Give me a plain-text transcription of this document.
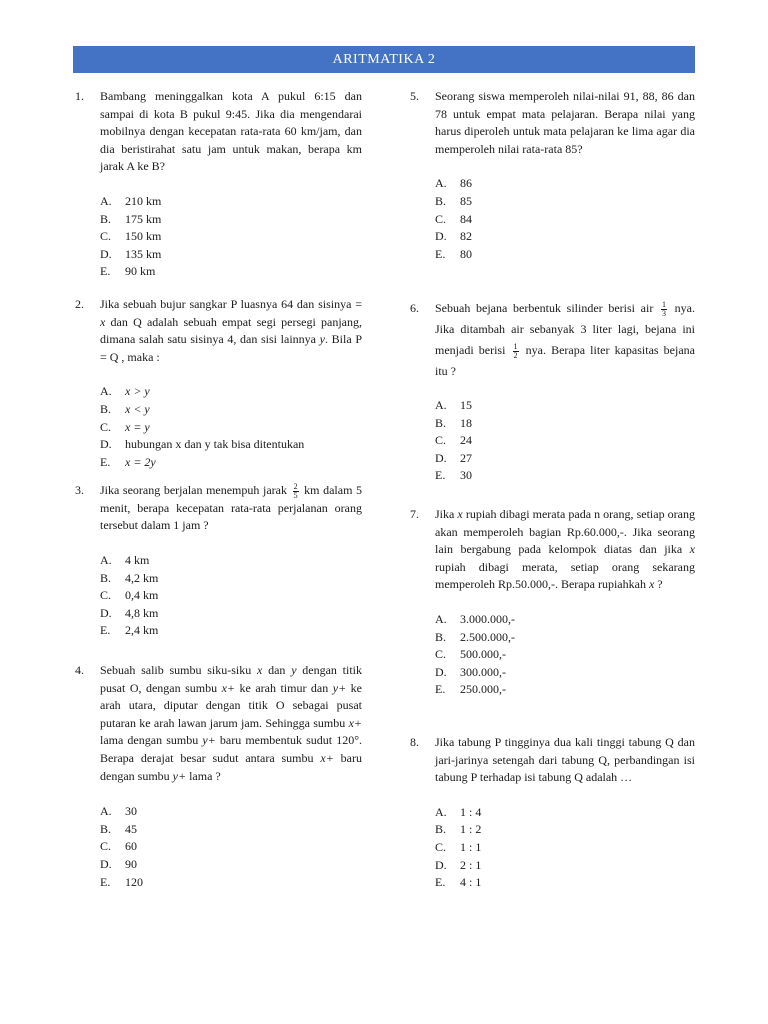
ARITMATIKA 2
1. Bambang meninggalkan kota A pukul 6:15 dan sampai di kota B pukul 9:45. Jika dia mengendarai mobilnya dengan kecepatan rata-rata 60 km/jam, dan dia beristirahat satu jam untuk makan, berapa km jarak A ke B?
A.	210 km
B.	175 km
C.	150 km
D.	135 km
E.	90 km
2. Jika sebuah bujur sangkar P luasnya 64 dan sisinya = x dan Q adalah sebuah empat segi persegi panjang, dimana salah satu sisinya 4, dan sisi lainnya y. Bila P = Q , maka :
A.	x > y
B.	x < y
C.	x = y
D.	hubungan x dan y tak bisa ditentukan
E.	x = 2y
3. Jika seorang berjalan menempuh jarak $\frac{2}{5}$ km dalam 5 menit, berapa kecepatan rata-rata perjalanan orang tersebut dalam 1 jam ?
A.	4 km
B.	4,2 km
C.	0,4 km
D.	4,8 km
E.	2,4 km
4. Sebuah salib sumbu siku-siku x dan y dengan titik pusat O, dengan sumbu x+ ke arah timur dan y+ ke arah utara, diputar dengan titik O sebagai pusat putaran ke arah lawan jarum jam. Sehingga sumbu x+ lama dengan sumbu y+ baru membentuk sudut 120°. Berapa derajat besar sudut antara sumbu x+ baru dengan sumbu y+ lama ?
A.	30
B.	45
C.	60
D.	90
E.	120
5. Seorang siswa memperoleh nilai-nilai 91, 88, 86 dan 78 untuk empat mata pelajaran. Berapa nilai yang harus diperoleh untuk mata pelajaran ke lima agar dia memperoleh nilai rata-rata 85?
A.	86
B.	85
C.	84
D.	82
E.	80
6. Sebuah bejana berbentuk silinder berisi air $\frac{1}{3}$ nya. Jika ditambah air sebanyak 3 liter lagi, bejana ini menjadi berisi $\frac{1}{2}$ nya. Berapa liter kapasitas bejana itu ?
A.	15
B.	18
C.	24
D.	27
E.	30
7. Jika x rupiah dibagi merata pada n orang, setiap orang akan memperoleh bagian Rp.60.000,-. Jika seorang lain bergabung pada kelompok diatas dan jika x rupiah dibagi merata, setiap orang sekarang memperoleh Rp.50.000,-. Berapa rupiahkah x ?
A.	3.000.000,-
B.	2.500.000,-
C.	500.000,-
D.	300.000,-
E.	250.000,-
8. Jika tabung P tingginya dua kali tinggi tabung Q dan jari-jarinya setengah dari tabung Q, perbandingan isi tabung P terhadap isi tabung Q adalah …
A.	1 : 4
B.	1 : 2
C.	1 : 1
D.	2 : 1
E.	4 : 1
